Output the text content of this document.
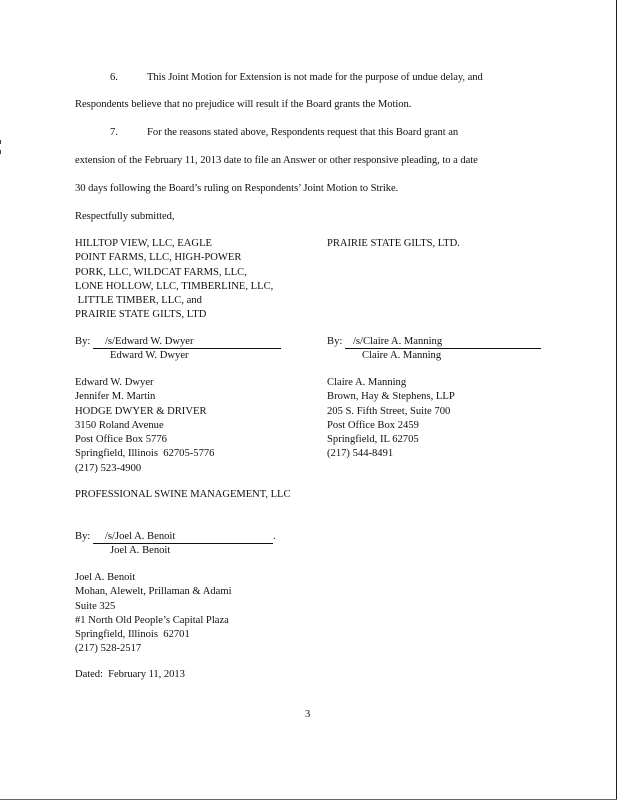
6.	This Joint Motion for Extension is not made for the purpose of undue delay, and
Respondents believe that no prejudice will result if the Board grants the Motion.
7.	For the reasons stated above, Respondents request that this Board grant an
extension of the February 11, 2013 date to file an Answer or other responsive pleading, to a date
30 days following the Board’s ruling on Respondents’ Joint Motion to Strike.
Respectfully submitted,
HILLTOP VIEW, LLC, EAGLE
POINT FARMS, LLC, HIGH-POWER
PORK, LLC, WILDCAT FARMS, LLC,
LONE HOLLOW, LLC, TIMBERLINE, LLC,
LITTLE TIMBER, LLC, and
PRAIRIE STATE GILTS, LTD
PRAIRIE STATE GILTS, LTD.
By: /s/Edward W. Dwyer
Edward W. Dwyer
By: /s/Claire A. Manning
Claire A. Manning
Edward W. Dwyer
Jennifer M. Martin
HODGE DWYER & DRIVER
3150 Roland Avenue
Post Office Box 5776
Springfield, Illinois  62705-5776
(217) 523-4900
Claire A. Manning
Brown, Hay & Stephens, LLP
205 S. Fifth Street, Suite 700
Post Office Box 2459
Springfield, IL 62705
(217) 544-8491
PROFESSIONAL SWINE MANAGEMENT, LLC
By: /s/Joel A. Benoit	.
Joel A. Benoit
Joel A. Benoit
Mohan, Alewelt, Prillaman & Adami
Suite 325
#1 North Old People’s Capital Plaza
Springfield, Illinois  62701
(217) 528-2517
Dated:  February 11, 2013
3
